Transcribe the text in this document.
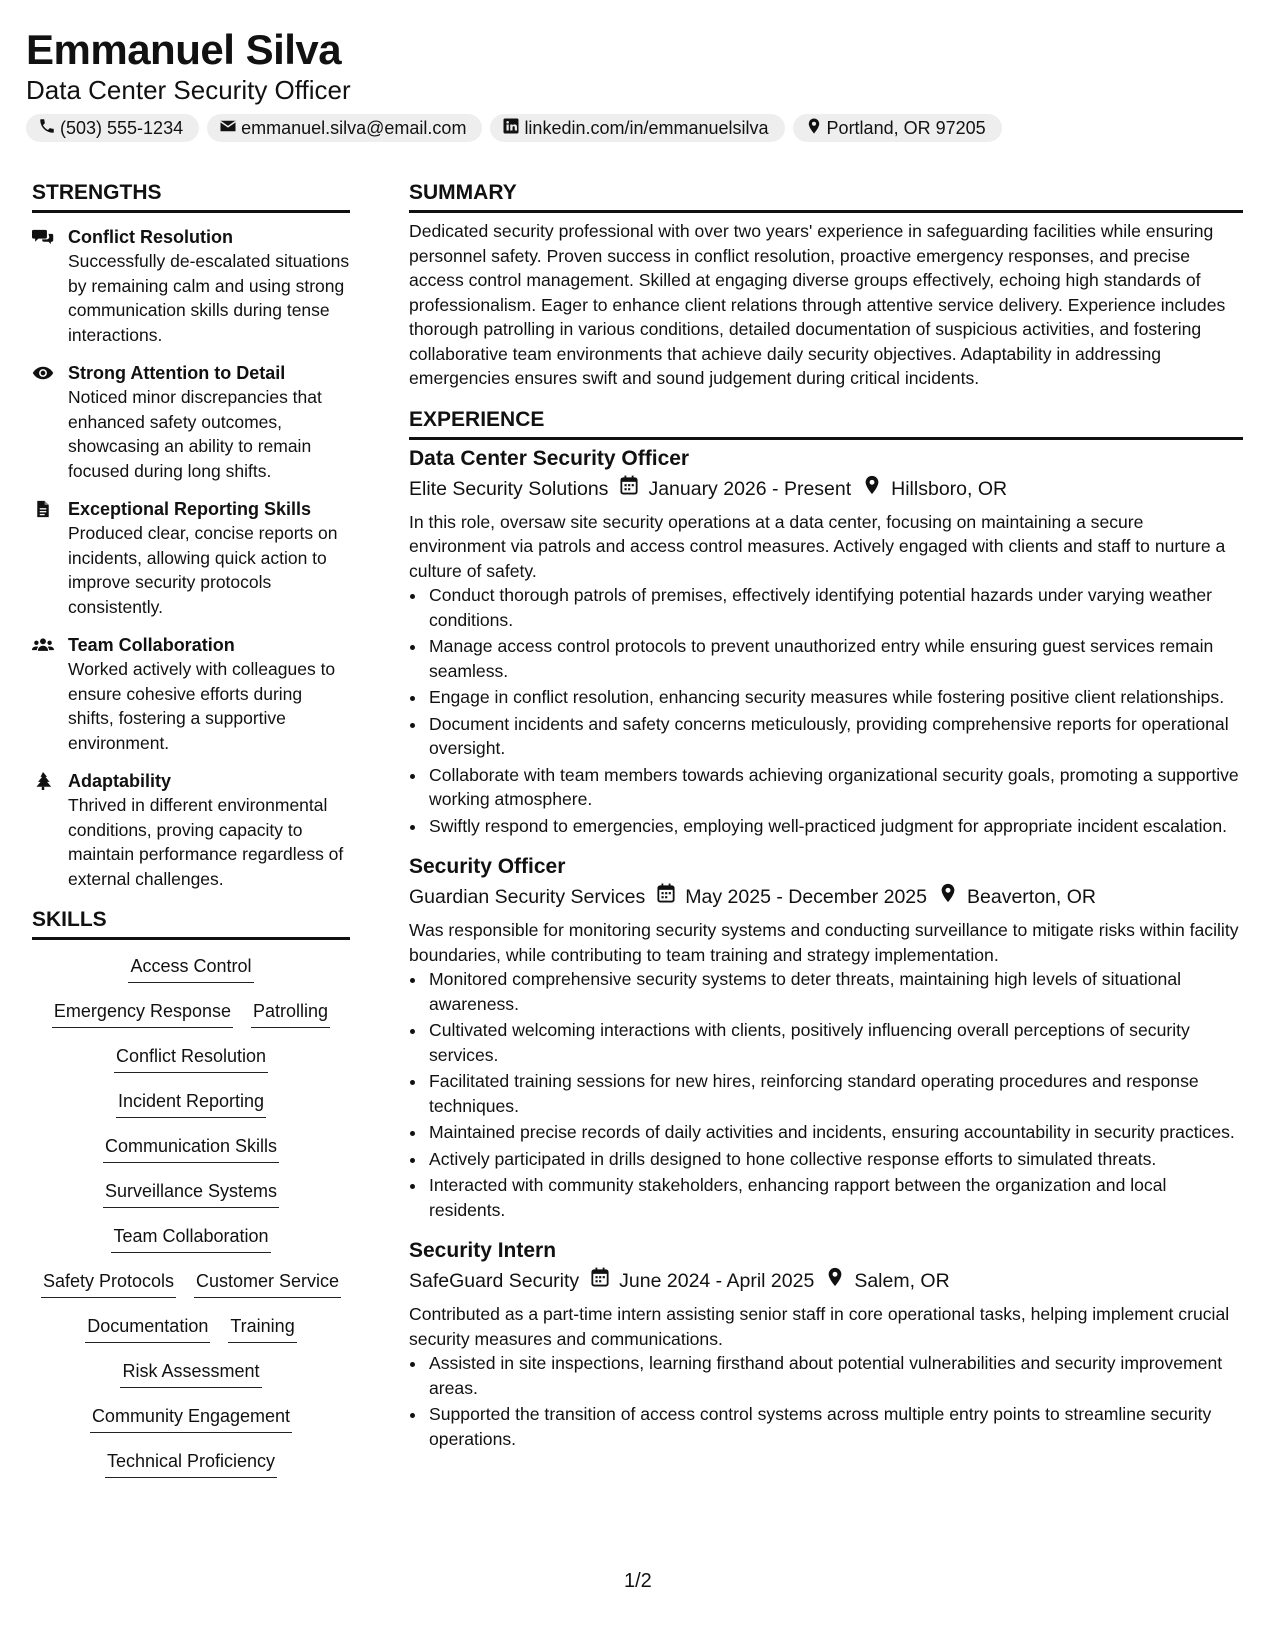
Emmanuel Silva
Data Center Security Officer
(503) 555-1234	emmanuel.silva@email.com	linkedin.com/in/emmanuelsilva	Portland, OR 97205
STRENGTHS
Conflict Resolution
Successfully de-escalated situations by remaining calm and using strong communication skills during tense interactions.
Strong Attention to Detail
Noticed minor discrepancies that enhanced safety outcomes, showcasing an ability to remain focused during long shifts.
Exceptional Reporting Skills
Produced clear, concise reports on incidents, allowing quick action to improve security protocols consistently.
Team Collaboration
Worked actively with colleagues to ensure cohesive efforts during shifts, fostering a supportive environment.
Adaptability
Thrived in different environmental conditions, proving capacity to maintain performance regardless of external challenges.
SKILLS
Access Control
Emergency Response Patrolling
Conflict Resolution
Incident Reporting
Communication Skills
Surveillance Systems
Team Collaboration
Safety Protocols Customer Service
Documentation Training
Risk Assessment
Community Engagement
Technical Proficiency
SUMMARY
Dedicated security professional with over two years' experience in safeguarding facilities while ensuring personnel safety. Proven success in conflict resolution, proactive emergency responses, and precise access control management. Skilled at engaging diverse groups effectively, echoing high standards of professionalism. Eager to enhance client relations through attentive service delivery. Experience includes thorough patrolling in various conditions, detailed documentation of suspicious activities, and fostering collaborative team environments that achieve daily security objectives. Adaptability in addressing emergencies ensures swift and sound judgement during critical incidents.
EXPERIENCE
Data Center Security Officer
Elite Security Solutions January 2026 - Present Hillsboro, OR
In this role, oversaw site security operations at a data center, focusing on maintaining a secure environment via patrols and access control measures. Actively engaged with clients and staff to nurture a culture of safety.
• Conduct thorough patrols of premises, effectively identifying potential hazards under varying weather conditions.
• Manage access control protocols to prevent unauthorized entry while ensuring guest services remain seamless.
• Engage in conflict resolution, enhancing security measures while fostering positive client relationships.
• Document incidents and safety concerns meticulously, providing comprehensive reports for operational oversight.
• Collaborate with team members towards achieving organizational security goals, promoting a supportive working atmosphere.
• Swiftly respond to emergencies, employing well-practiced judgment for appropriate incident escalation.
Security Officer
Guardian Security Services May 2025 - December 2025 Beaverton, OR
Was responsible for monitoring security systems and conducting surveillance to mitigate risks within facility boundaries, while contributing to team training and strategy implementation.
• Monitored comprehensive security systems to deter threats, maintaining high levels of situational awareness.
• Cultivated welcoming interactions with clients, positively influencing overall perceptions of security services.
• Facilitated training sessions for new hires, reinforcing standard operating procedures and response techniques.
• Maintained precise records of daily activities and incidents, ensuring accountability in security practices.
• Actively participated in drills designed to hone collective response efforts to simulated threats.
• Interacted with community stakeholders, enhancing rapport between the organization and local residents.
Security Intern
SafeGuard Security June 2024 - April 2025 Salem, OR
Contributed as a part-time intern assisting senior staff in core operational tasks, helping implement crucial security measures and communications.
• Assisted in site inspections, learning firsthand about potential vulnerabilities and security improvement areas.
• Supported the transition of access control systems across multiple entry points to streamline security operations.
1/2
